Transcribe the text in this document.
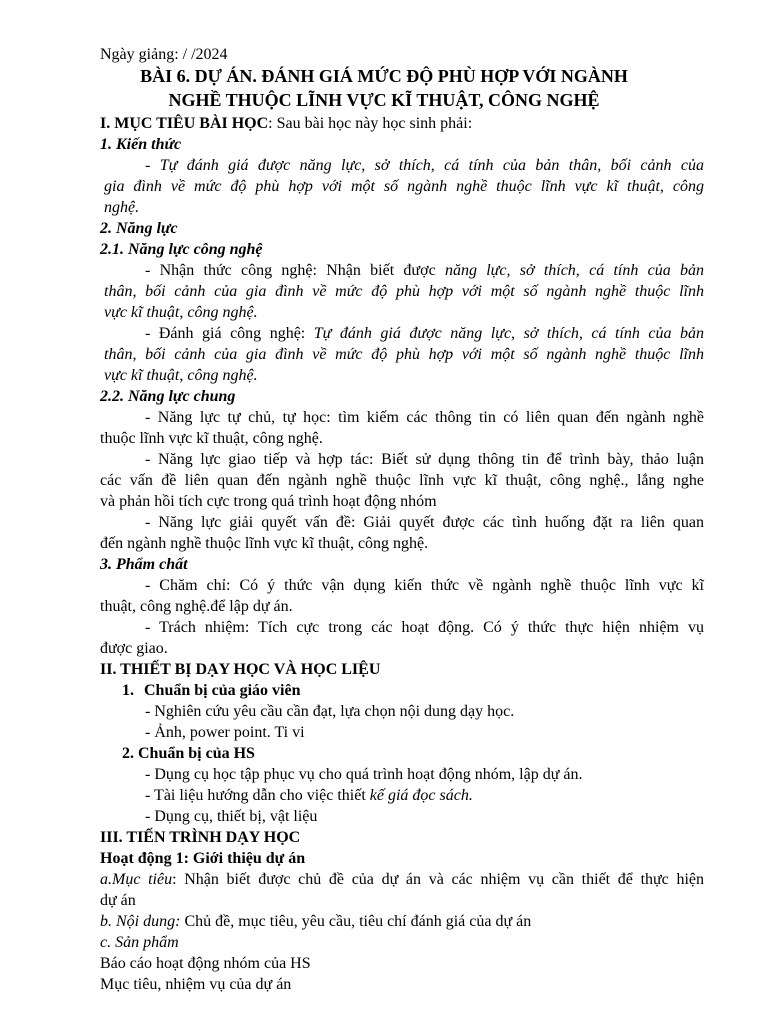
Ngày giảng: / /2024
BÀI 6. DỰ ÁN. ĐÁNH GIÁ MỨC ĐỘ PHÙ HỢP VỚI NGÀNH
NGHỀ THUỘC LĨNH VỰC KĨ THUẬT, CÔNG NGHỆ
I. MỤC TIÊU BÀI HỌC: Sau bài học này học sinh phải:
1. Kiến thức
- Tự đánh giá được năng lực, sở thích, cá tính của bản thân, bối cảnh của
gia đình về mức độ phù hợp với một số ngành nghề thuộc lĩnh vực kĩ thuật, công
nghệ.
2. Năng lực
2.1. Năng lực công nghệ
- Nhận thức công nghệ: Nhận biết được năng lực, sở thích, cá tính của bản
thân, bối cảnh của gia đình về mức độ phù hợp với một số ngành nghề thuộc lĩnh
vực kĩ thuật, công nghệ.
- Đánh giá công nghệ: Tự đánh giá được năng lực, sở thích, cá tính của bản
thân, bối cảnh của gia đình về mức độ phù hợp với một số ngành nghề thuộc lĩnh
vực kĩ thuật, công nghệ.
2.2. Năng lực chung
- Năng lực tự chủ, tự học: tìm kiếm các thông tin có liên quan đến ngành nghề
thuộc lĩnh vực kĩ thuật, công nghệ.
- Năng lực giao tiếp và hợp tác: Biết sử dụng thông tin để trình bày, thảo luận
các vấn đề liên quan đến ngành nghề thuộc lĩnh vực kĩ thuật, công nghệ., lắng nghe
và phản hồi tích cực trong quá trình hoạt động nhóm
- Năng lực giải quyết vấn đề: Giải quyết được các tình huống đặt ra liên quan
đến ngành nghề thuộc lĩnh vực kĩ thuật, công nghệ.
3. Phẩm chất
- Chăm chỉ: Có ý thức vận dụng kiến thức về ngành nghề thuộc lĩnh vực kĩ
thuật, công nghệ.để lập dự án.
- Trách nhiệm: Tích cực trong các hoạt động. Có ý thức thực hiện nhiệm vụ
được giao.
II. THIẾT BỊ DẠY HỌC VÀ HỌC LIỆU
1. Chuẩn bị của giáo viên
- Nghiên cứu yêu cầu cần đạt, lựa chọn nội dung dạy học.
- Ảnh, power point. Ti vi
2. Chuẩn bị của HS
- Dụng cụ học tập phục vụ cho quá trình hoạt động nhóm, lập dự án.
- Tài liệu hướng dẫn cho việc thiết kế giá đọc sách.
- Dụng cụ, thiết bị, vật liệu
III. TIẾN TRÌNH DẠY HỌC
Hoạt động 1: Giới thiệu dự án
a.Mục tiêu: Nhận biết được chủ đề của dự án và các nhiệm vụ cần thiết để thực hiện
dự án
b. Nội dung: Chủ đề, mục tiêu, yêu cầu, tiêu chí đánh giá của dự án
c. Sản phẩm
Báo cáo hoạt động nhóm của HS
Mục tiêu, nhiệm vụ của dự án
